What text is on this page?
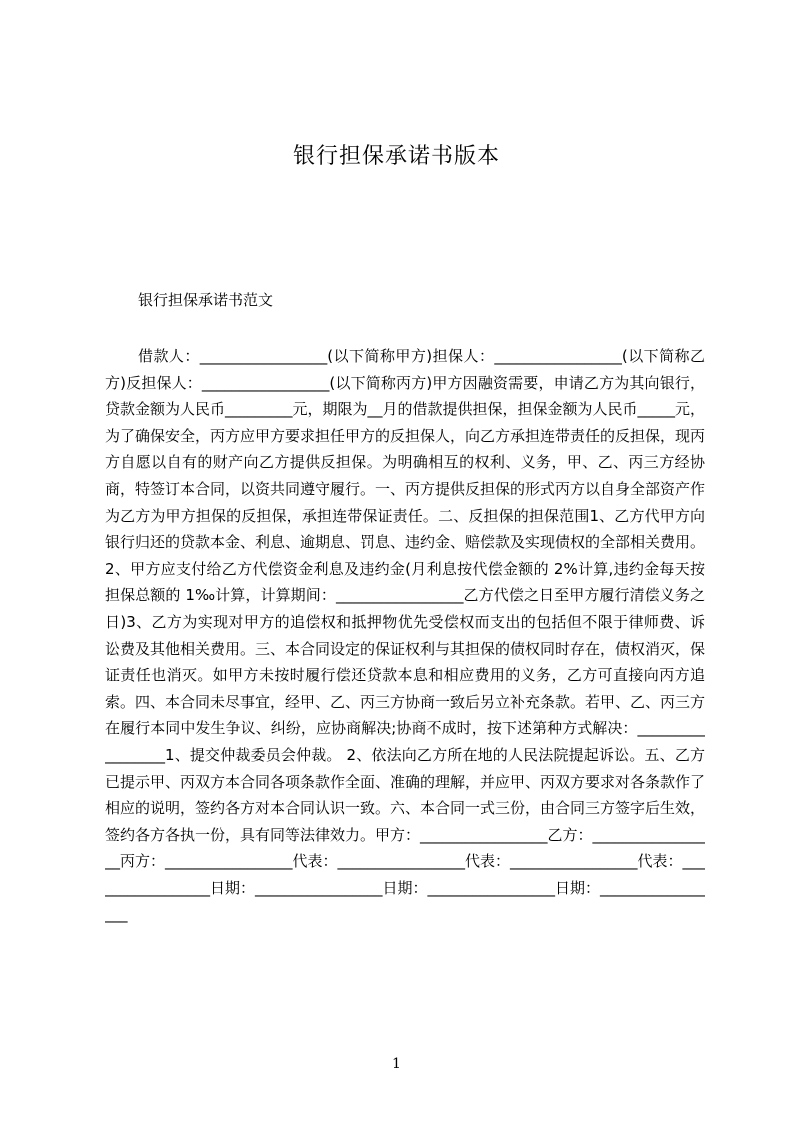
银行担保承诺书版本
银行担保承诺书范文

借款人：_________________(以下简称甲方)担保人：_________________(以下简称乙方)反担保人：_________________(以下简称丙方)甲方因融资需要，申请乙方为其向银行，贷款金额为人民币_________元，期限为__月的借款提供担保，担保金额为人民币_____元，为了确保安全，丙方应甲方要求担任甲方的反担保人，向乙方承担连带责任的反担保，现丙方自愿以自有的财产向乙方提供反担保。为明确相互的权利、义务，甲、乙、丙三方经协商，特签订本合同，以资共同遵守履行。一、丙方提供反担保的形式丙方以自身全部资产作为乙方为甲方担保的反担保，承担连带保证责任。二、反担保的担保范围1、乙方代甲方向银行归还的贷款本金、利息、逾期息、罚息、违约金、赔偿款及实现债权的全部相关费用。2、甲方应支付给乙方代偿资金利息及违约金(月利息按代偿金额的 2%计算,违约金每天按担保总额的 1‰计算，计算期间：_________________乙方代偿之日至甲方履行清偿义务之日)3、乙方为实现对甲方的追偿权和抵押物优先受偿权而支出的包括但不限于律师费、诉讼费及其他相关费用。三、本合同设定的保证权利与其担保的债权同时存在，债权消灭，保证责任也消灭。如甲方未按时履行偿还贷款本息和相应费用的义务，乙方可直接向丙方追索。四、本合同未尽事宜，经甲、乙、丙三方协商一致后另立补充条款。若甲、乙、丙三方在履行本同中发生争议、纠纷，应协商解决;协商不成时，按下述第种方式解决：_________________1、提交仲裁委员会仲裁。 2、依法向乙方所在地的人民法院提起诉讼。五、乙方已提示甲、丙双方本合同各项条款作全面、准确的理解，并应甲、丙双方要求对各条款作了相应的说明，签约各方对本合同认识一致。六、本合同一式三份，由合同三方签字后生效，签约各方各执一份，具有同等法律效力。甲方：_________________乙方：_________________丙方：_________________代表：_________________代表：_________________代表：_________________日期：_________________日期：_________________日期：_________________

1
